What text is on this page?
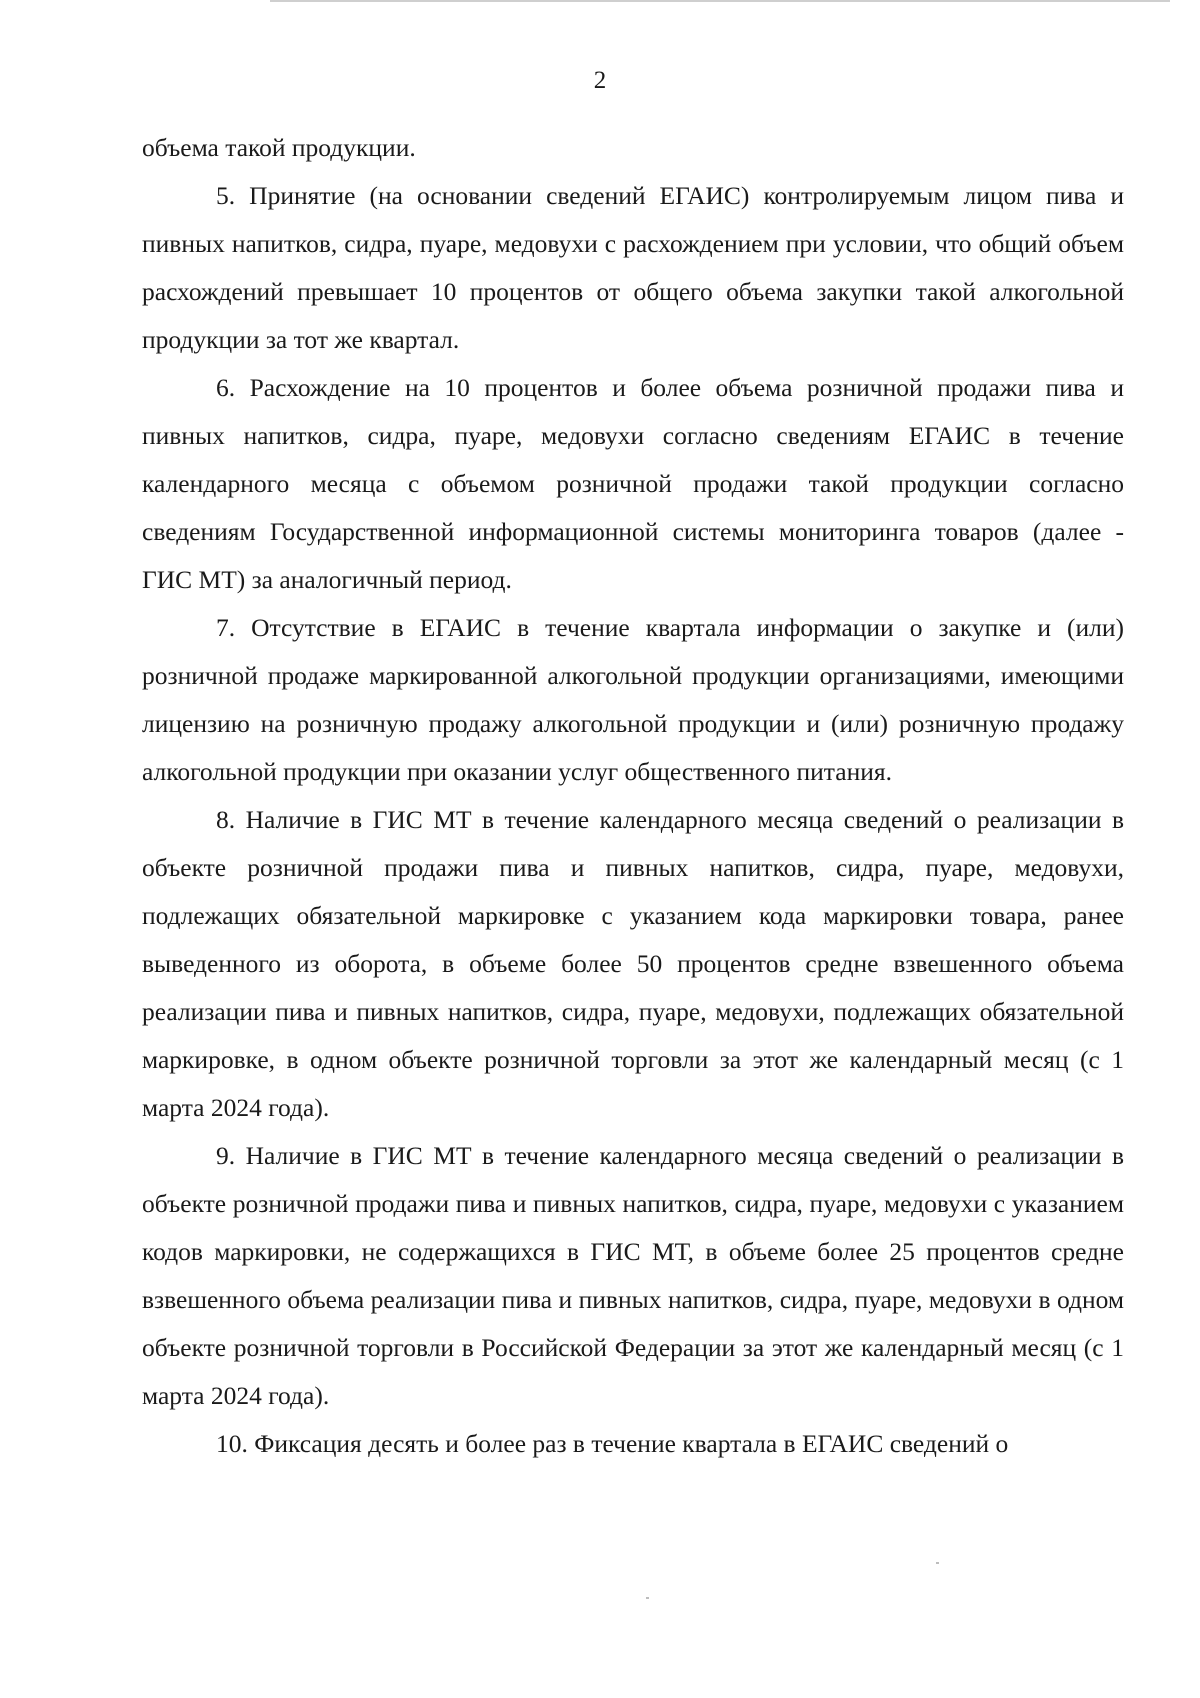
2

объема такой продукции.

5. Принятие (на основании сведений ЕГАИС) контролируемым лицом пива и пивных напитков, сидра, пуаре, медовухи с расхождением при условии, что общий объем расхождений превышает 10 процентов от общего объема закупки такой алкогольной продукции за тот же квартал.

6. Расхождение на 10 процентов и более объема розничной продажи пива и пивных напитков, сидра, пуаре, медовухи согласно сведениям ЕГАИС в течение календарного месяца с объемом розничной продажи такой продукции согласно сведениям Государственной информационной системы мониторинга товаров (далее - ГИС МТ) за аналогичный период.

7. Отсутствие в ЕГАИС в течение квартала информации о закупке и (или) розничной продаже маркированной алкогольной продукции организациями, имеющими лицензию на розничную продажу алкогольной продукции и (или) розничную продажу алкогольной продукции при оказании услуг общественного питания.

8. Наличие в ГИС МТ в течение календарного месяца сведений о реализации в объекте розничной продажи пива и пивных напитков, сидра, пуаре, медовухи, подлежащих обязательной маркировке с указанием кода маркировки товара, ранее выведенного из оборота, в объеме более 50 процентов средне взвешенного объема реализации пива и пивных напитков, сидра, пуаре, медовухи, подлежащих обязательной маркировке, в одном объекте розничной торговли за этот же календарный месяц (с 1 марта 2024 года).

9. Наличие в ГИС МТ в течение календарного месяца сведений о реализации в объекте розничной продажи пива и пивных напитков, сидра, пуаре, медовухи с указанием кодов маркировки, не содержащихся в ГИС МТ, в объеме более 25 процентов средне взвешенного объема реализации пива и пивных напитков, сидра, пуаре, медовухи в одном объекте розничной торговли в Российской Федерации за этот же календарный месяц (с 1 марта 2024 года).

10. Фиксация десять и более раз в течение квартала в ЕГАИС сведений о
